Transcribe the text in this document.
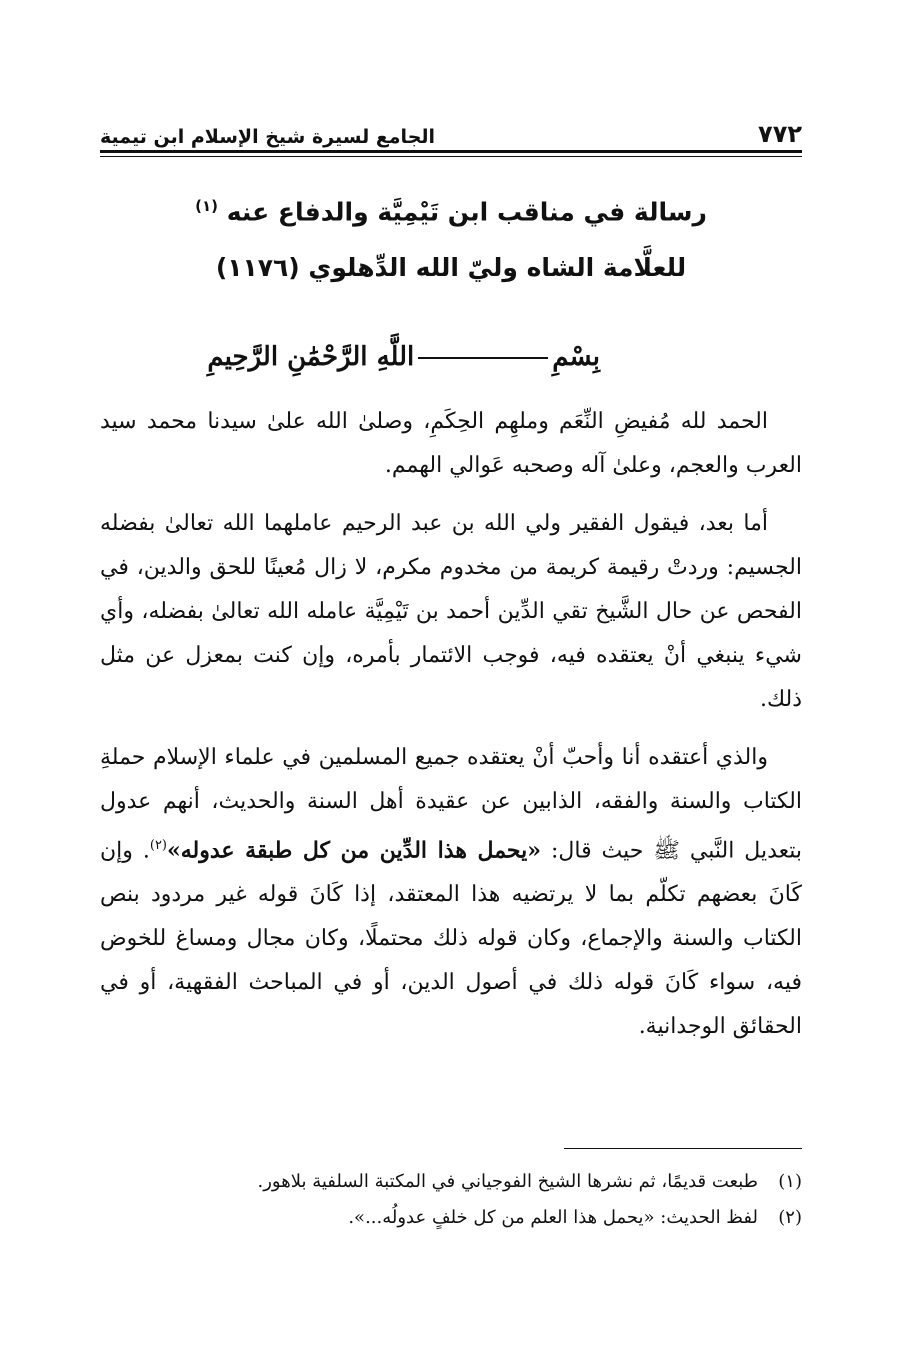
٧٧٢
الجامع لسيرة شيخ الإسلام ابن تيمية
رسالة في مناقب ابن تَيْمِيَّة والدفاع عنه $^{(١)}$
للعلَّامة الشاه وليّ الله الدِّهلوي (١١٧٦)
بِسْمِاللَّهِ الرَّحْمَٰنِ الرَّحِيمِ

الحمد لله مُفيضِ النِّعَم وملهِم الحِكَمِ، وصلىٰ الله علىٰ سيدنا محمد سيد العرب والعجم، وعلىٰ آله وصحبه عَوالي الهمم.

أما بعد، فيقول الفقير ولي الله بن عبد الرحيم عاملهما الله تعالىٰ بفضله الجسيم: وردتْ رقيمة كريمة من مخدوم مكرم، لا زال مُعينًا للحق والدين، في الفحص عن حال الشَّيخ تقي الدِّين أحمد بن تَيْمِيَّة عامله الله تعالىٰ بفضله، وأي شيء ينبغي أنْ يعتقده فيه، فوجب الائتمار بأمره، وإن كنت بمعزل عن مثل ذلك.

والذي أعتقده أنا وأحبّ أنْ يعتقده جميع المسلمين في علماء الإسلام حملةِ الكتاب والسنة والفقه، الذابين عن عقيدة أهل السنة والحديث، أنهم عدول بتعديل النَّبي ﷺ حيث قال: «يحمل هذا الدِّين من كل طبقة عدوله»$^{(٢)}$. وإن كَانَ بعضهم تكلّم بما لا يرتضيه هذا المعتقد، إذا كَانَ قوله غير مردود بنص الكتاب والسنة والإجماع، وكان قوله ذلك محتملًا، وكان مجال ومساغ للخوض فيه، سواء كَانَ قوله ذلك في أصول الدين، أو في المباحث الفقهية، أو في الحقائق الوجدانية.

(١)طبعت قديمًا، ثم نشرها الشيخ الفوجياني في المكتبة السلفية بلاهور.
(٢)لفظ الحديث: «يحمل هذا العلم من كل خلفٍ عدولُه...».
